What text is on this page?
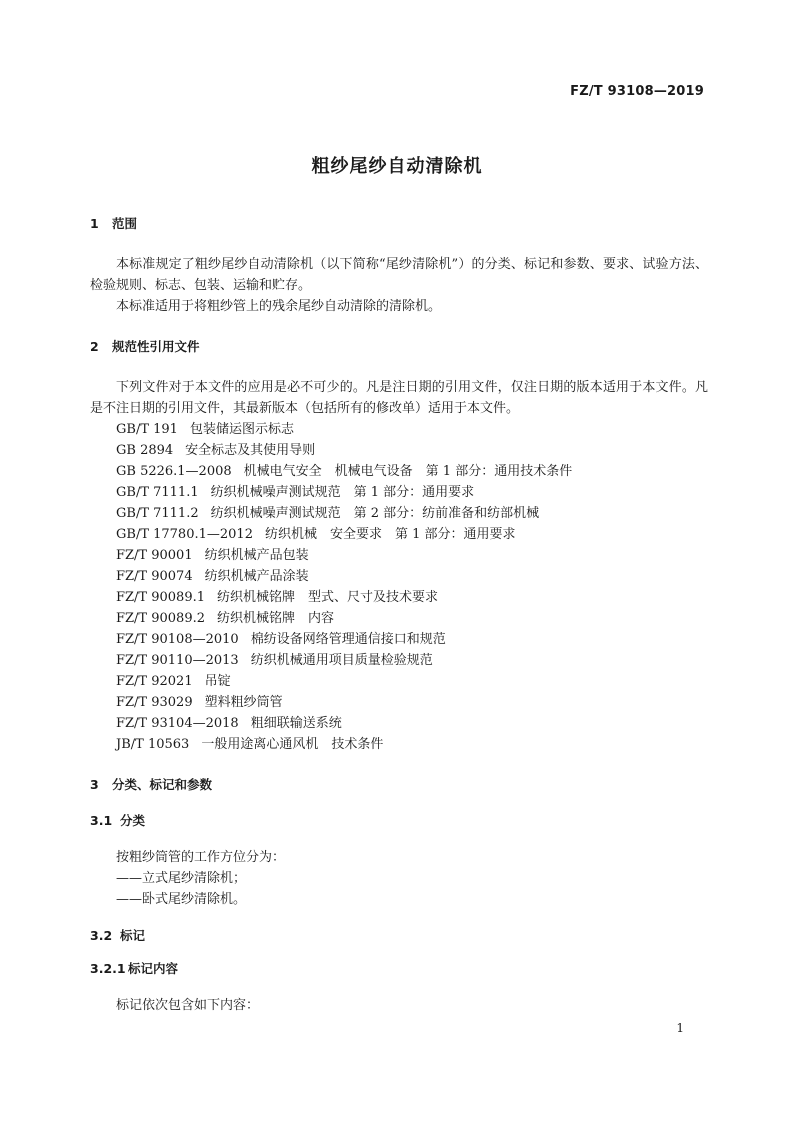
FZ/T 93108—2019
粗纱尾纱自动清除机

1 范围

本标准规定了粗纱尾纱自动清除机（以下简称“尾纱清除机”）的分类、标记和参数、要求、试验方法、检验规则、标志、包装、运输和贮存。

本标准适用于将粗纱管上的残余尾纱自动清除的清除机。

2 规范性引用文件

下列文件对于本文件的应用是必不可少的。凡是注日期的引用文件，仅注日期的版本适用于本文件。凡是不注日期的引用文件，其最新版本（包括所有的修改单）适用于本文件。

GB/T 191 包装储运图示标志

GB 2894 安全标志及其使用导则

GB 5226.1—2008 机械电气安全　机械电气设备　第 1 部分：通用技术条件

GB/T 7111.1 纺织机械噪声测试规范　第 1 部分：通用要求

GB/T 7111.2 纺织机械噪声测试规范　第 2 部分：纺前准备和纺部机械

GB/T 17780.1—2012 纺织机械　安全要求　第 1 部分：通用要求

FZ/T 90001 纺织机械产品包装

FZ/T 90074 纺织机械产品涂装

FZ/T 90089.1 纺织机械铭牌　型式、尺寸及技术要求

FZ/T 90089.2 纺织机械铭牌　内容

FZ/T 90108—2010 棉纺设备网络管理通信接口和规范

FZ/T 90110—2013 纺织机械通用项目质量检验规范

FZ/T 92021 吊锭

FZ/T 93029 塑料粗纱筒管

FZ/T 93104—2018 粗细联输送系统

JB/T 10563 一般用途离心通风机　技术条件

3 分类、标记和参数

3.1 分类

按粗纱筒管的工作方位分为：

——立式尾纱清除机；

——卧式尾纱清除机。

3.2 标记

3.2.1 标记内容

标记依次包含如下内容：

1
